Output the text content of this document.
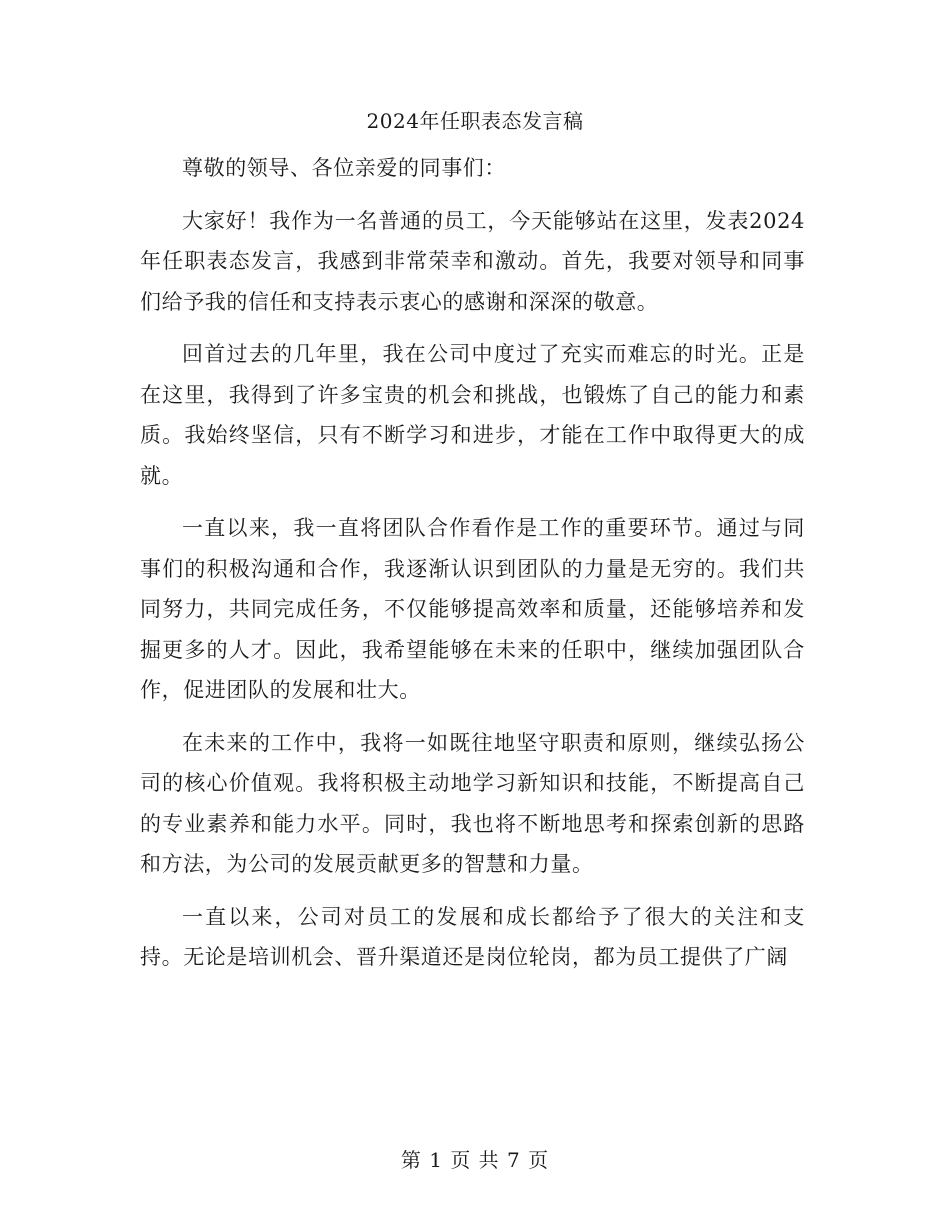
2024年任职表态发言稿

尊敬的领导、各位亲爱的同事们：

大家好！我作为一名普通的员工，今天能够站在这里，发表2024年任职表态发言，我感到非常荣幸和激动。首先，我要对领导和同事们给予我的信任和支持表示衷心的感谢和深深的敬意。

回首过去的几年里，我在公司中度过了充实而难忘的时光。正是在这里，我得到了许多宝贵的机会和挑战，也锻炼了自己的能力和素质。我始终坚信，只有不断学习和进步，才能在工作中取得更大的成就。

一直以来，我一直将团队合作看作是工作的重要环节。通过与同事们的积极沟通和合作，我逐渐认识到团队的力量是无穷的。我们共同努力，共同完成任务，不仅能够提高效率和质量，还能够培养和发掘更多的人才。因此，我希望能够在未来的任职中，继续加强团队合作，促进团队的发展和壮大。

在未来的工作中，我将一如既往地坚守职责和原则，继续弘扬公司的核心价值观。我将积极主动地学习新知识和技能，不断提高自己的专业素养和能力水平。同时，我也将不断地思考和探索创新的思路和方法，为公司的发展贡献更多的智慧和力量。

一直以来，公司对员工的发展和成长都给予了很大的关注和支持。无论是培训机会、晋升渠道还是岗位轮岗，都为员工提供了广阔

第 1 页 共 7 页
